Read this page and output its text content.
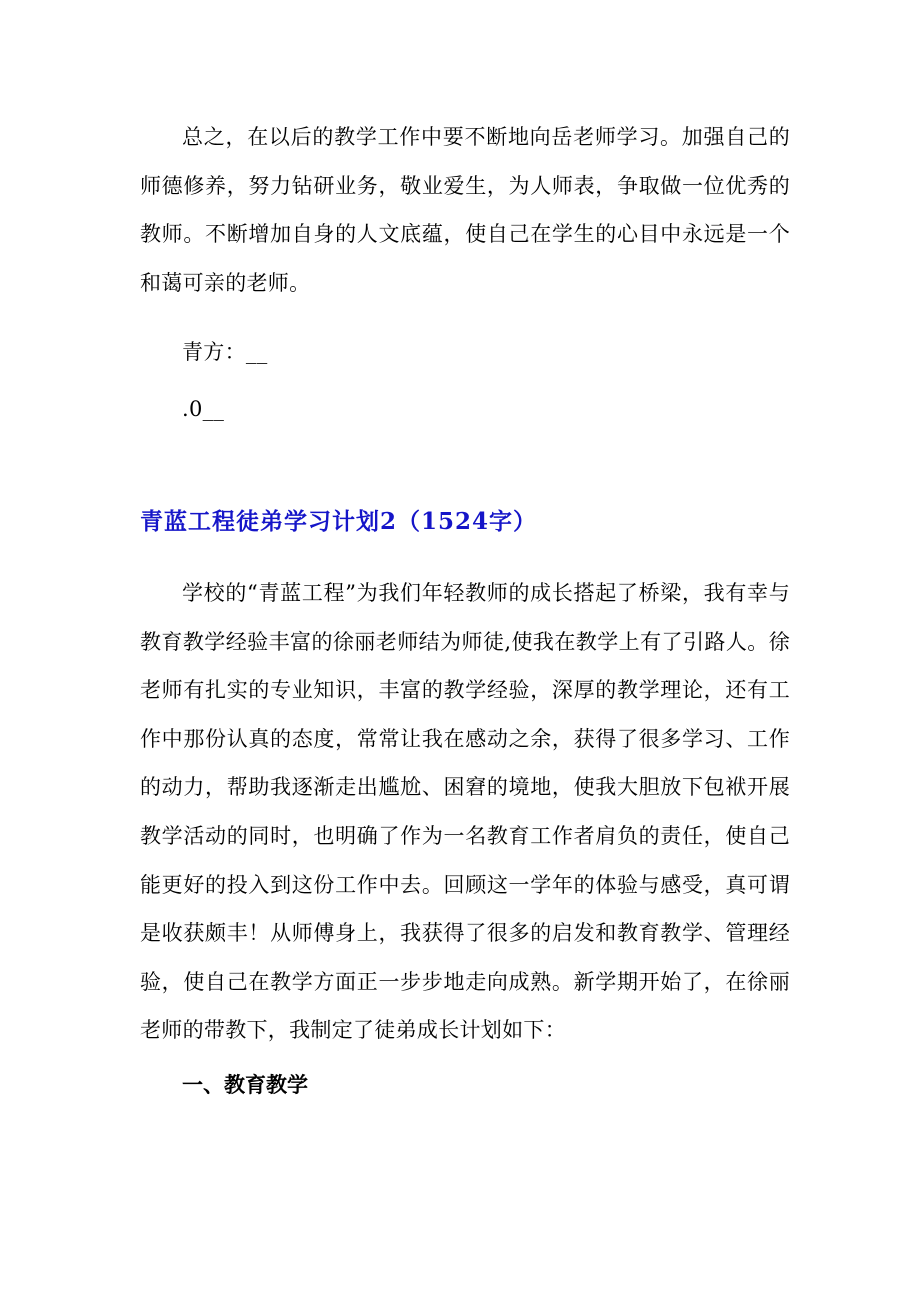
总之，在以后的教学工作中要不断地向岳老师学习。加强自己的师德修养，努力钻研业务，敬业爱生，为人师表，争取做一位优秀的教师。不断增加自身的人文底蕴，使自己在学生的心目中永远是一个和蔼可亲的老师。

青方：__

.0__

青蓝工程徒弟学习计划2（1524字）

学校的“青蓝工程”为我们年轻教师的成长搭起了桥梁，我有幸与教育教学经验丰富的徐丽老师结为师徒,使我在教学上有了引路人。徐老师有扎实的专业知识，丰富的教学经验，深厚的教学理论，还有工作中那份认真的态度，常常让我在感动之余，获得了很多学习、工作的动力，帮助我逐渐走出尴尬、困窘的境地，使我大胆放下包袱开展教学活动的同时，也明确了作为一名教育工作者肩负的责任，使自己能更好的投入到这份工作中去。回顾这一学年的体验与感受，真可谓是收获颇丰！从师傅身上，我获得了很多的启发和教育教学、管理经验，使自己在教学方面正一步步地走向成熟。新学期开始了，在徐丽老师的带教下，我制定了徒弟成长计划如下：

一、教育教学
